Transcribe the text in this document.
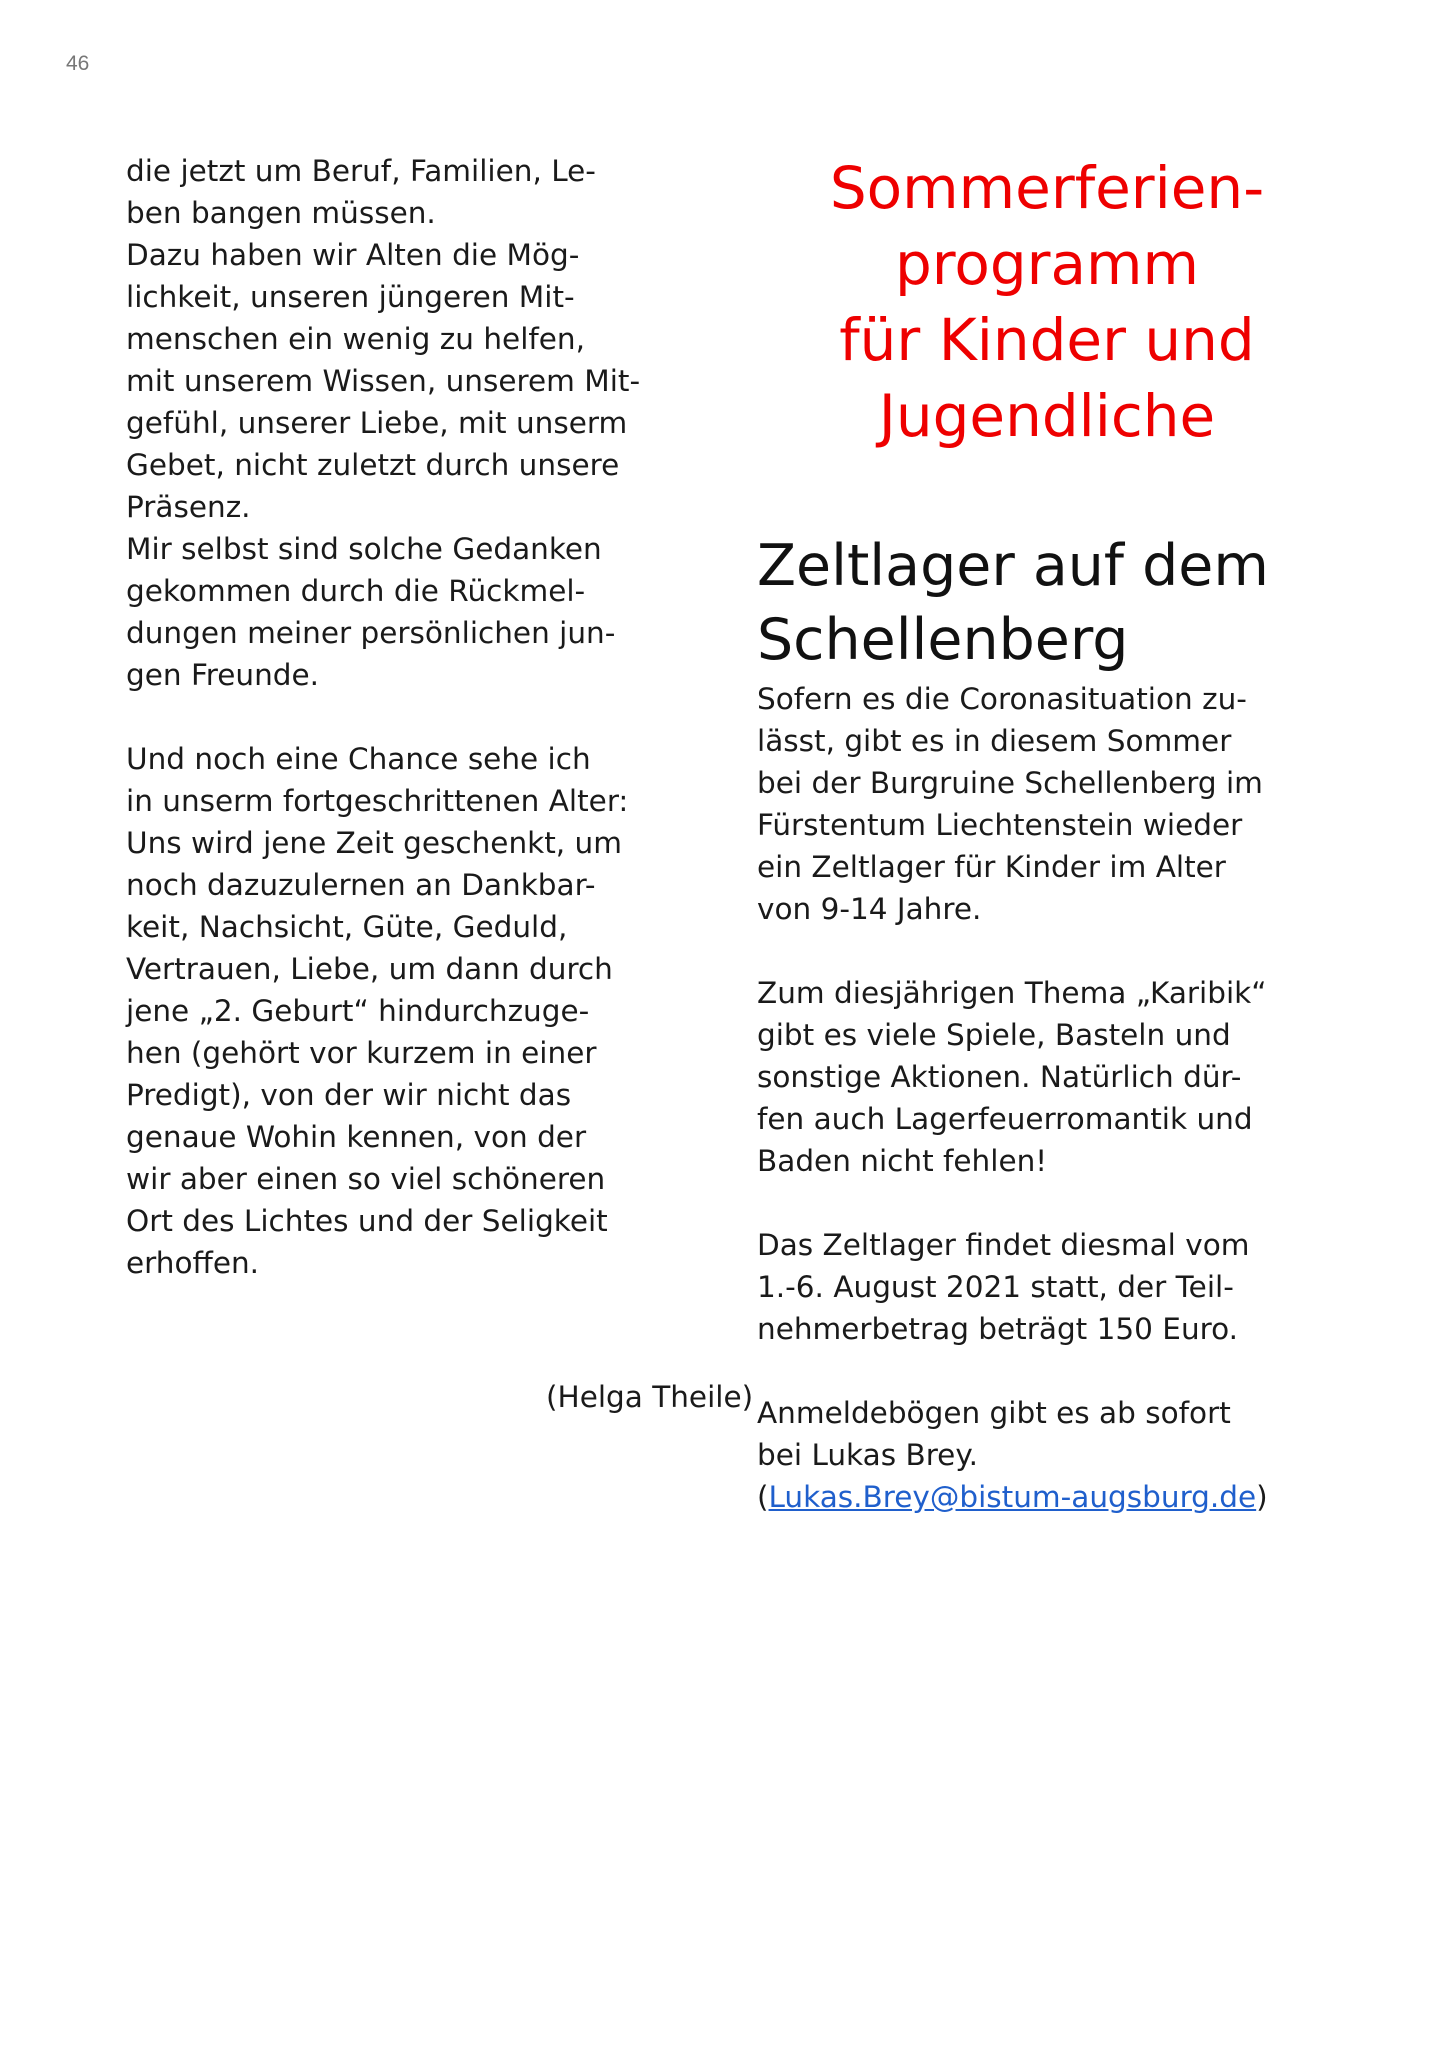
46

die jetzt um Beruf, Familien, Le-

ben bangen müssen.

Dazu haben wir Alten die Mög-

lichkeit, unseren jüngeren Mit-

menschen ein wenig zu helfen,

mit unserem Wissen, unserem Mit-

gefühl, unserer Liebe, mit unserm

Gebet, nicht zuletzt durch unsere

Präsenz.

Mir selbst sind solche Gedanken

gekommen durch die Rückmel-

dungen meiner persönlichen jun-

gen Freunde.

Und noch eine Chance sehe ich

in unserm fortgeschrittenen Alter:

Uns wird jene Zeit geschenkt, um

noch dazuzulernen an Dankbar-

keit, Nachsicht, Güte, Geduld,

Vertrauen, Liebe, um dann durch

jene „2. Geburt“ hindurchzuge-

hen (gehört vor kurzem in einer

Predigt), von der wir nicht das

genaue Wohin kennen, von der

wir aber einen so viel schöneren

Ort des Lichtes und der Seligkeit

erhoffen.

(Helga Theile)

Sommerferien-

programm

für Kinder und

Jugendliche

Zeltlager auf dem

Schellenberg

Sofern es die Coronasituation zu-

lässt, gibt es in diesem Sommer

bei der Burgruine Schellenberg im

Fürstentum Liechtenstein wieder

ein Zeltlager für Kinder im Alter

von 9-14 Jahre.

Zum diesjährigen Thema „Karibik“

gibt es viele Spiele, Basteln und

sonstige Aktionen. Natürlich dür-

fen auch Lagerfeuerromantik und

Baden nicht fehlen!

Das Zeltlager findet diesmal vom

1.-6. August 2021 statt, der Teil-

nehmerbetrag beträgt 150 Euro.

Anmeldebögen gibt es ab sofort

bei Lukas Brey.

(Lukas.Brey@bistum-augsburg.de)
